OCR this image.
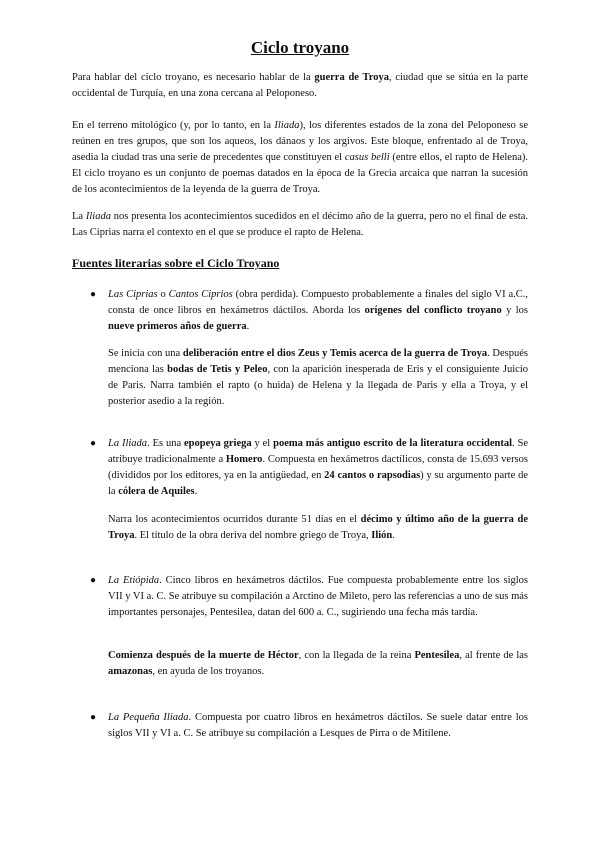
Ciclo troyano

Para hablar del ciclo troyano, es necesario hablar de la guerra de Troya, ciudad que se sitúa en la parte occidental de Turquía, en una zona cercana al Peloponeso.

En el terreno mitológico (y, por lo tanto, en la Iliada), los diferentes estados de la zona del Peloponeso se reúnen en tres grupos, que son los aqueos, los dánaos y los argivos. Este bloque, enfrentado al de Troya, asedia la ciudad tras una serie de precedentes que constituyen el casus belli (entre ellos, el rapto de Helena). El ciclo troyano es un conjunto de poemas datados en la época de la Grecia arcaica que narran la sucesión de los acontecimientos de la leyenda de la guerra de Troya.

La Iliada nos presenta los acontecimientos sucedidos en el décimo año de la guerra, pero no el final de esta. Las Ciprias narra el contexto en el que se produce el rapto de Helena.

Fuentes literarias sobre el Ciclo Troyano
● Las Ciprias o Cantos Ciprios (obra perdida). Compuesto probablemente a finales del siglo VI a.C., consta de once libros en hexámetros dáctilos. Aborda los orígenes del conflicto troyano y los nueve primeros años de guerra.

Se inicia con una deliberación entre el dios Zeus y Temis acerca de la guerra de Troya. Después menciona las bodas de Tetis y Peleo, con la aparición inesperada de Eris y el consiguiente Juicio de Paris. Narra también el rapto (o huida) de Helena y la llegada de Paris y ella a Troya, y el posterior asedio a la región.

● La Iliada. Es una epopeya griega y el poema más antiguo escrito de la literatura occidental. Se atribuye tradicionalmente a Homero. Compuesta en hexámetros dactílicos, consta de 15.693 versos (divididos por los editores, ya en la antigüedad, en 24 cantos o rapsodias) y su argumento parte de la cólera de Aquiles.

Narra los acontecimientos ocurridos durante 51 días en el décimo y último año de la guerra de Troya. El título de la obra deriva del nombre griego de Troya, Ilión.

● La Etiópida. Cinco libros en hexámetros dáctilos. Fue compuesta probablemente entre los siglos VII y VI a. C. Se atribuye su compilación a Arctino de Mileto, pero las referencias a uno de sus más importantes personajes, Pentesilea, datan del 600 a. C., sugiriendo una fecha más tardía.

Comienza después de la muerte de Héctor, con la llegada de la reina Pentesilea, al frente de las amazonas, en ayuda de los troyanos.

● La Pequeña Iliada. Compuesta por cuatro libros en hexámetros dáctilos. Se suele datar entre los siglos VII y VI a. C. Se atribuye su compilación a Lesques de Pirra o de Mitilene.
